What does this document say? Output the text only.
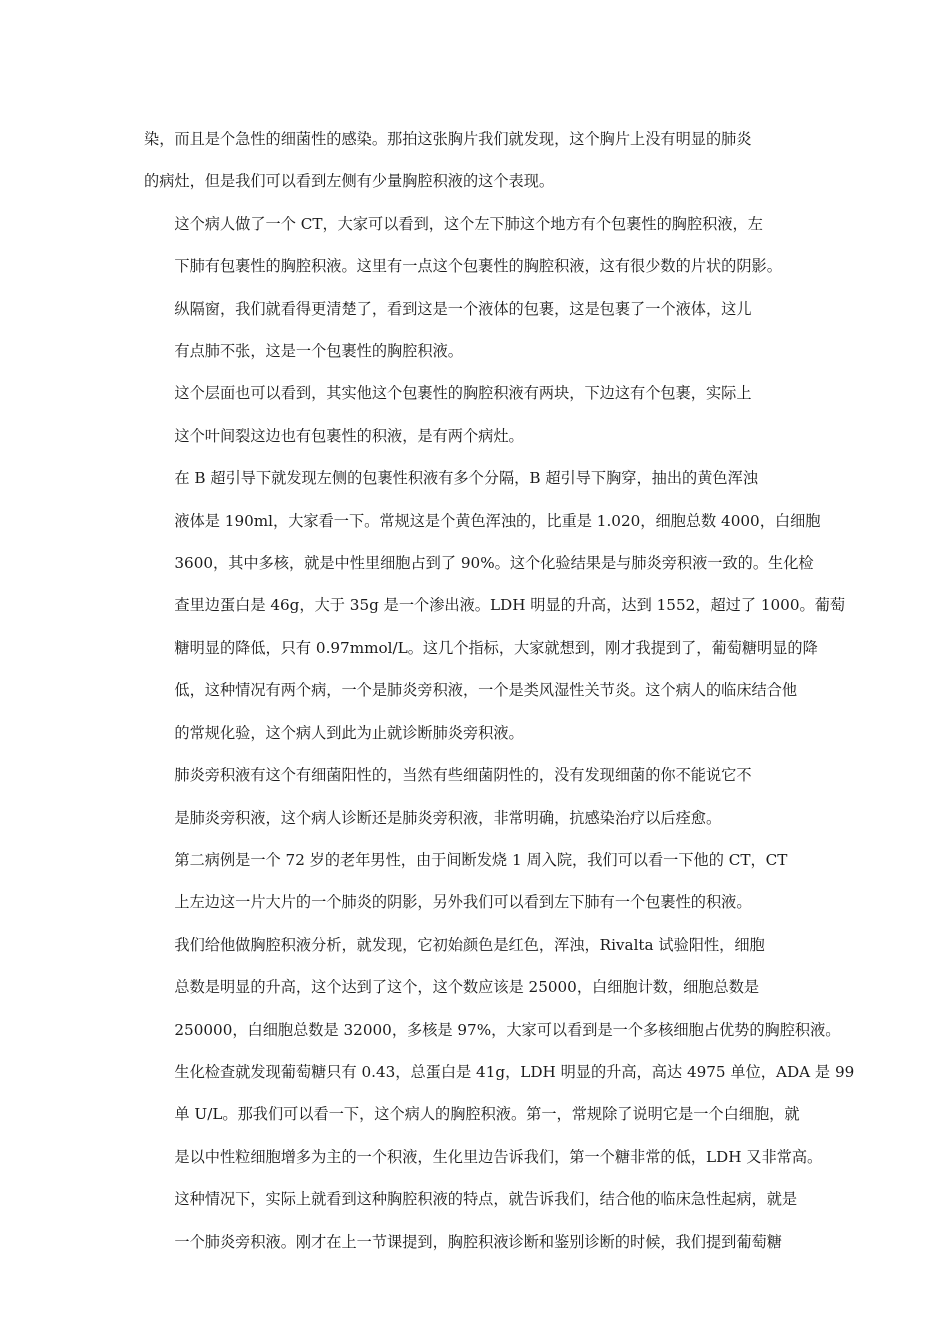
染，而且是个急性的细菌性的感染。那拍这张胸片我们就发现，这个胸片上没有明显的肺炎
的病灶，但是我们可以看到左侧有少量胸腔积液的这个表现。

这个病人做了一个 CT，大家可以看到，这个左下肺这个地方有个包裹性的胸腔积液，左
下肺有包裹性的胸腔积液。这里有一点这个包裹性的胸腔积液，这有很少数的片状的阴影。

纵隔窗，我们就看得更清楚了，看到这是一个液体的包裹，这是包裹了一个液体，这儿
有点肺不张，这是一个包裹性的胸腔积液。

这个层面也可以看到，其实他这个包裹性的胸腔积液有两块，下边这有个包裹，实际上
这个叶间裂这边也有包裹性的积液，是有两个病灶。

在 B 超引导下就发现左侧的包裹性积液有多个分隔，B 超引导下胸穿，抽出的黄色浑浊
液体是 190ml，大家看一下。常规这是个黄色浑浊的，比重是 1.020，细胞总数 4000，白细胞
3600，其中多核，就是中性里细胞占到了 90%。这个化验结果是与肺炎旁积液一致的。生化检
查里边蛋白是 46g，大于 35g 是一个渗出液。LDH 明显的升高，达到 1552，超过了 1000。葡萄
糖明显的降低，只有 0.97mmol/L。这几个指标，大家就想到，刚才我提到了，葡萄糖明显的降
低，这种情况有两个病，一个是肺炎旁积液，一个是类风湿性关节炎。这个病人的临床结合他
的常规化验，这个病人到此为止就诊断肺炎旁积液。

肺炎旁积液有这个有细菌阳性的，当然有些细菌阴性的，没有发现细菌的你不能说它不
是肺炎旁积液，这个病人诊断还是肺炎旁积液，非常明确，抗感染治疗以后痊愈。

第二病例是一个 72 岁的老年男性，由于间断发烧 1 周入院，我们可以看一下他的 CT，CT
上左边这一片大片的一个肺炎的阴影，另外我们可以看到左下肺有一个包裹性的积液。

我们给他做胸腔积液分析，就发现，它初始颜色是红色，浑浊，Rivalta 试验阳性，细胞
总数是明显的升高，这个达到了这个，这个数应该是 25000，白细胞计数，细胞总数是
250000，白细胞总数是 32000，多核是 97%，大家可以看到是一个多核细胞占优势的胸腔积液。
生化检查就发现葡萄糖只有 0.43，总蛋白是 41g，LDH 明显的升高，高达 4975 单位，ADA 是 99
单 U/L。那我们可以看一下，这个病人的胸腔积液。第一，常规除了说明它是一个白细胞，就
是以中性粒细胞增多为主的一个积液，生化里边告诉我们，第一个糖非常的低，LDH 又非常高。
这种情况下，实际上就看到这种胸腔积液的特点，就告诉我们，结合他的临床急性起病，就是
一个肺炎旁积液。刚才在上一节课提到，胸腔积液诊断和鉴别诊断的时候，我们提到葡萄糖
